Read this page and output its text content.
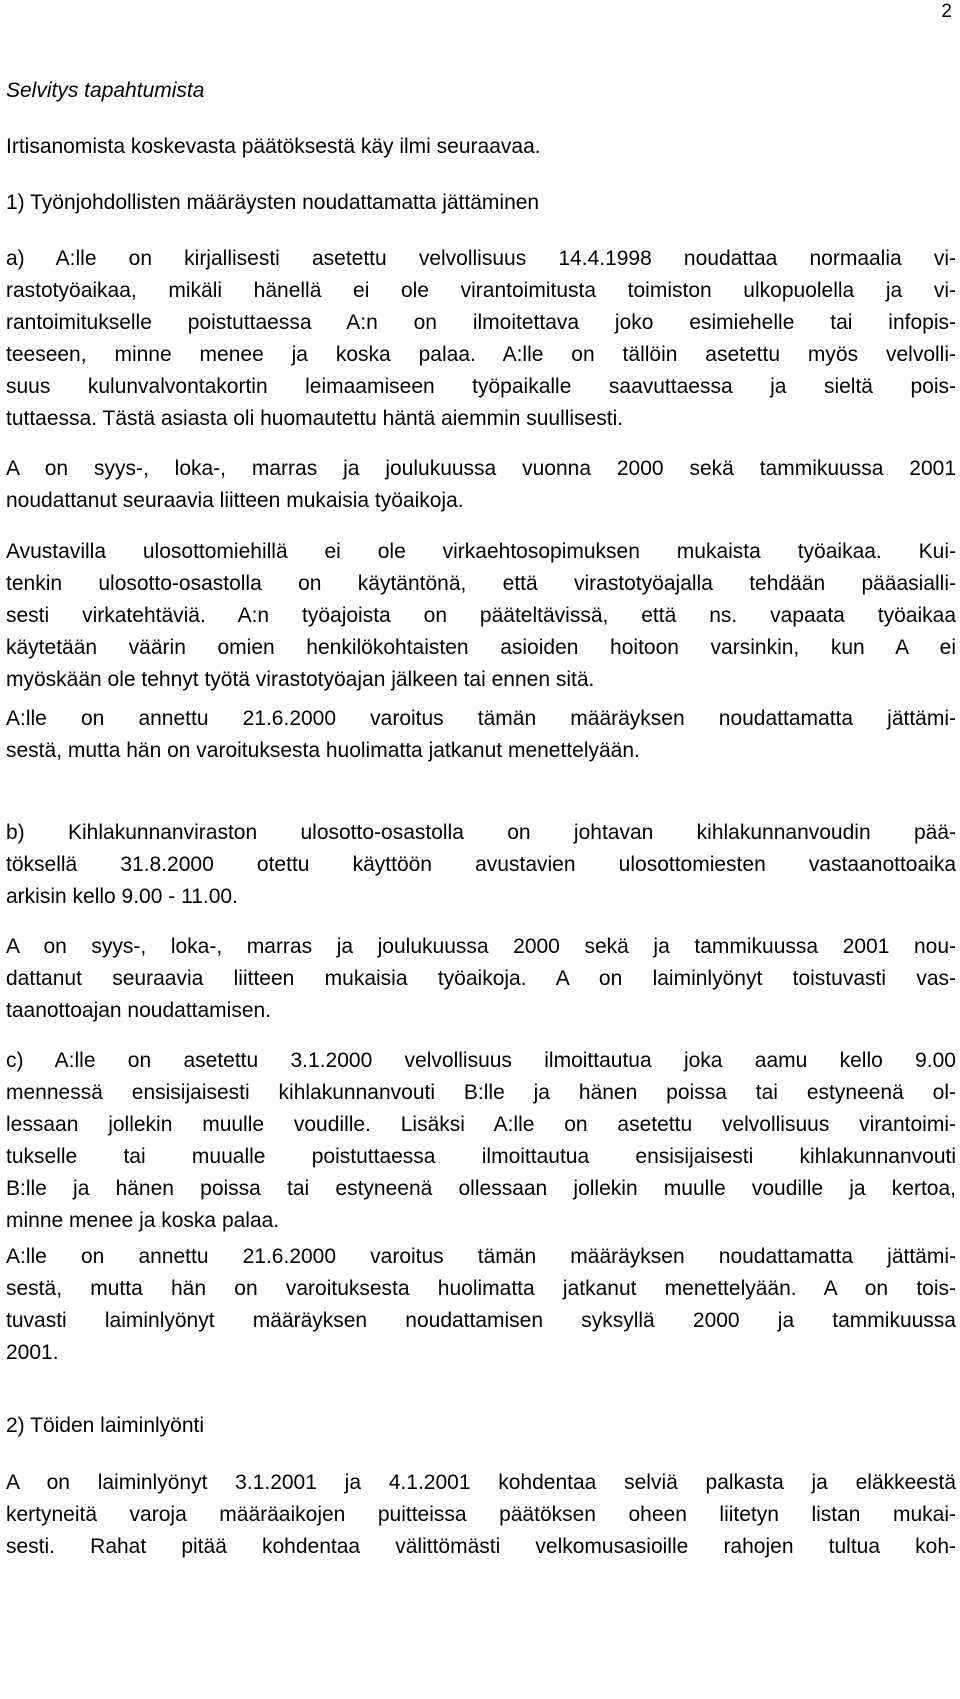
2

Selvitys tapahtumista

Irtisanomista koskevasta päätöksestä käy ilmi seuraavaa.

1) Työnjohdollisten määräysten noudattamatta jättäminen

a) A:lle on kirjallisesti asetettu velvollisuus 14.4.1998 noudattaa normaalia vi-
rastotyöaikaa, mikäli hänellä ei ole virantoimitusta toimiston ulkopuolella ja vi-
rantoimitukselle poistuttaessa A:n on ilmoitettava joko esimiehelle tai infopis-
teeseen, minne menee ja koska palaa. A:lle on tällöin asetettu myös velvolli-
suus kulunvalvontakortin leimaamiseen työpaikalle saavuttaessa ja sieltä pois-
tuttaessa. Tästä asiasta oli huomautettu häntä aiemmin suullisesti.

A on syys-, loka-, marras ja joulukuussa vuonna 2000 sekä tammikuussa 2001
noudattanut seuraavia liitteen mukaisia työaikoja.

Avustavilla ulosottomiehillä ei ole virkaehtosopimuksen mukaista työaikaa. Kui-
tenkin ulosotto-osastolla on käytäntönä, että virastotyöajalla tehdään pääasialli-
sesti virkatehtäviä. A:n työajoista on pääteltävissä, että ns. vapaata työaikaa
käytetään väärin omien henkilökohtaisten asioiden hoitoon varsinkin, kun A ei
myöskään ole tehnyt työtä virastotyöajan jälkeen tai ennen sitä.

A:lle on annettu 21.6.2000 varoitus tämän määräyksen noudattamatta jättämi-
sestä, mutta hän on varoituksesta huolimatta jatkanut menettelyään.

b) Kihlakunnanviraston ulosotto-osastolla on johtavan kihlakunnanvoudin pää-
töksellä 31.8.2000 otettu käyttöön avustavien ulosottomiesten vastaanottoaika
arkisin kello 9.00 - 11.00.

A on syys-, loka-, marras ja joulukuussa 2000 sekä ja tammikuussa 2001 nou-
dattanut seuraavia liitteen mukaisia työaikoja. A on laiminlyönyt toistuvasti vas-
taanottoajan noudattamisen.

c) A:lle on asetettu 3.1.2000 velvollisuus ilmoittautua joka aamu kello 9.00
mennessä ensisijaisesti kihlakunnanvouti B:lle ja hänen poissa tai estyneenä ol-
lessaan jollekin muulle voudille. Lisäksi A:lle on asetettu velvollisuus virantoimi-
tukselle tai muualle poistuttaessa ilmoittautua ensisijaisesti kihlakunnanvouti
B:lle ja hänen poissa tai estyneenä ollessaan jollekin muulle voudille ja kertoa,
minne menee ja koska palaa.

A:lle on annettu 21.6.2000 varoitus tämän määräyksen noudattamatta jättämi-
sestä, mutta hän on varoituksesta huolimatta jatkanut menettelyään. A on tois-
tuvasti laiminlyönyt määräyksen noudattamisen syksyllä 2000 ja tammikuussa
2001.

2) Töiden laiminlyönti

A on laiminlyönyt 3.1.2001 ja 4.1.2001 kohdentaa selviä palkasta ja eläkkeestä
kertyneitä varoja määräaikojen puitteissa päätöksen oheen liitetyn listan mukai-
sesti. Rahat pitää kohdentaa välittömästi velkomusasioille rahojen tultua koh-
